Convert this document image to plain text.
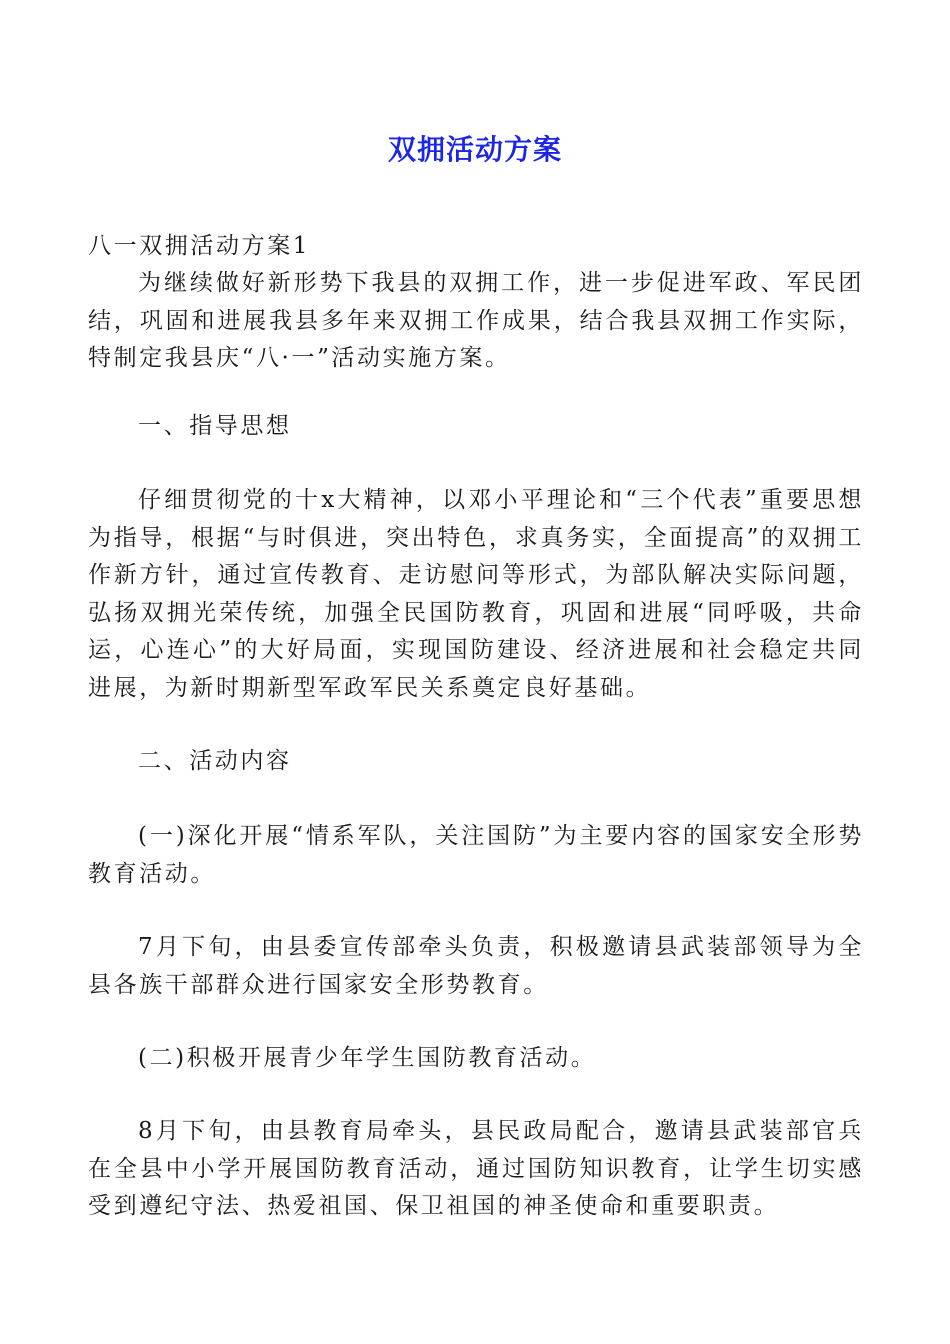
双拥活动方案

八一双拥活动方案1

为继续做好新形势下我县的双拥工作，进一步促进军政、军民团结，巩固和进展我县多年来双拥工作成果，结合我县双拥工作实际，特制定我县庆“八·一”活动实施方案。

一、指导思想

仔细贯彻党的十x大精神，以邓小平理论和“三个代表”重要思想为指导，根据“与时俱进，突出特色，求真务实，全面提高”的双拥工作新方针，通过宣传教育、走访慰问等形式，为部队解决实际问题，弘扬双拥光荣传统，加强全民国防教育，巩固和进展“同呼吸，共命运，心连心”的大好局面，实现国防建设、经济进展和社会稳定共同进展，为新时期新型军政军民关系奠定良好基础。

二、活动内容

(一)深化开展“情系军队，关注国防”为主要内容的国家安全形势教育活动。

7月下旬，由县委宣传部牵头负责，积极邀请县武装部领导为全县各族干部群众进行国家安全形势教育。

(二)积极开展青少年学生国防教育活动。

8月下旬，由县教育局牵头，县民政局配合，邀请县武装部官兵在全县中小学开展国防教育活动，通过国防知识教育，让学生切实感受到遵纪守法、热爱祖国、保卫祖国的神圣使命和重要职责。
